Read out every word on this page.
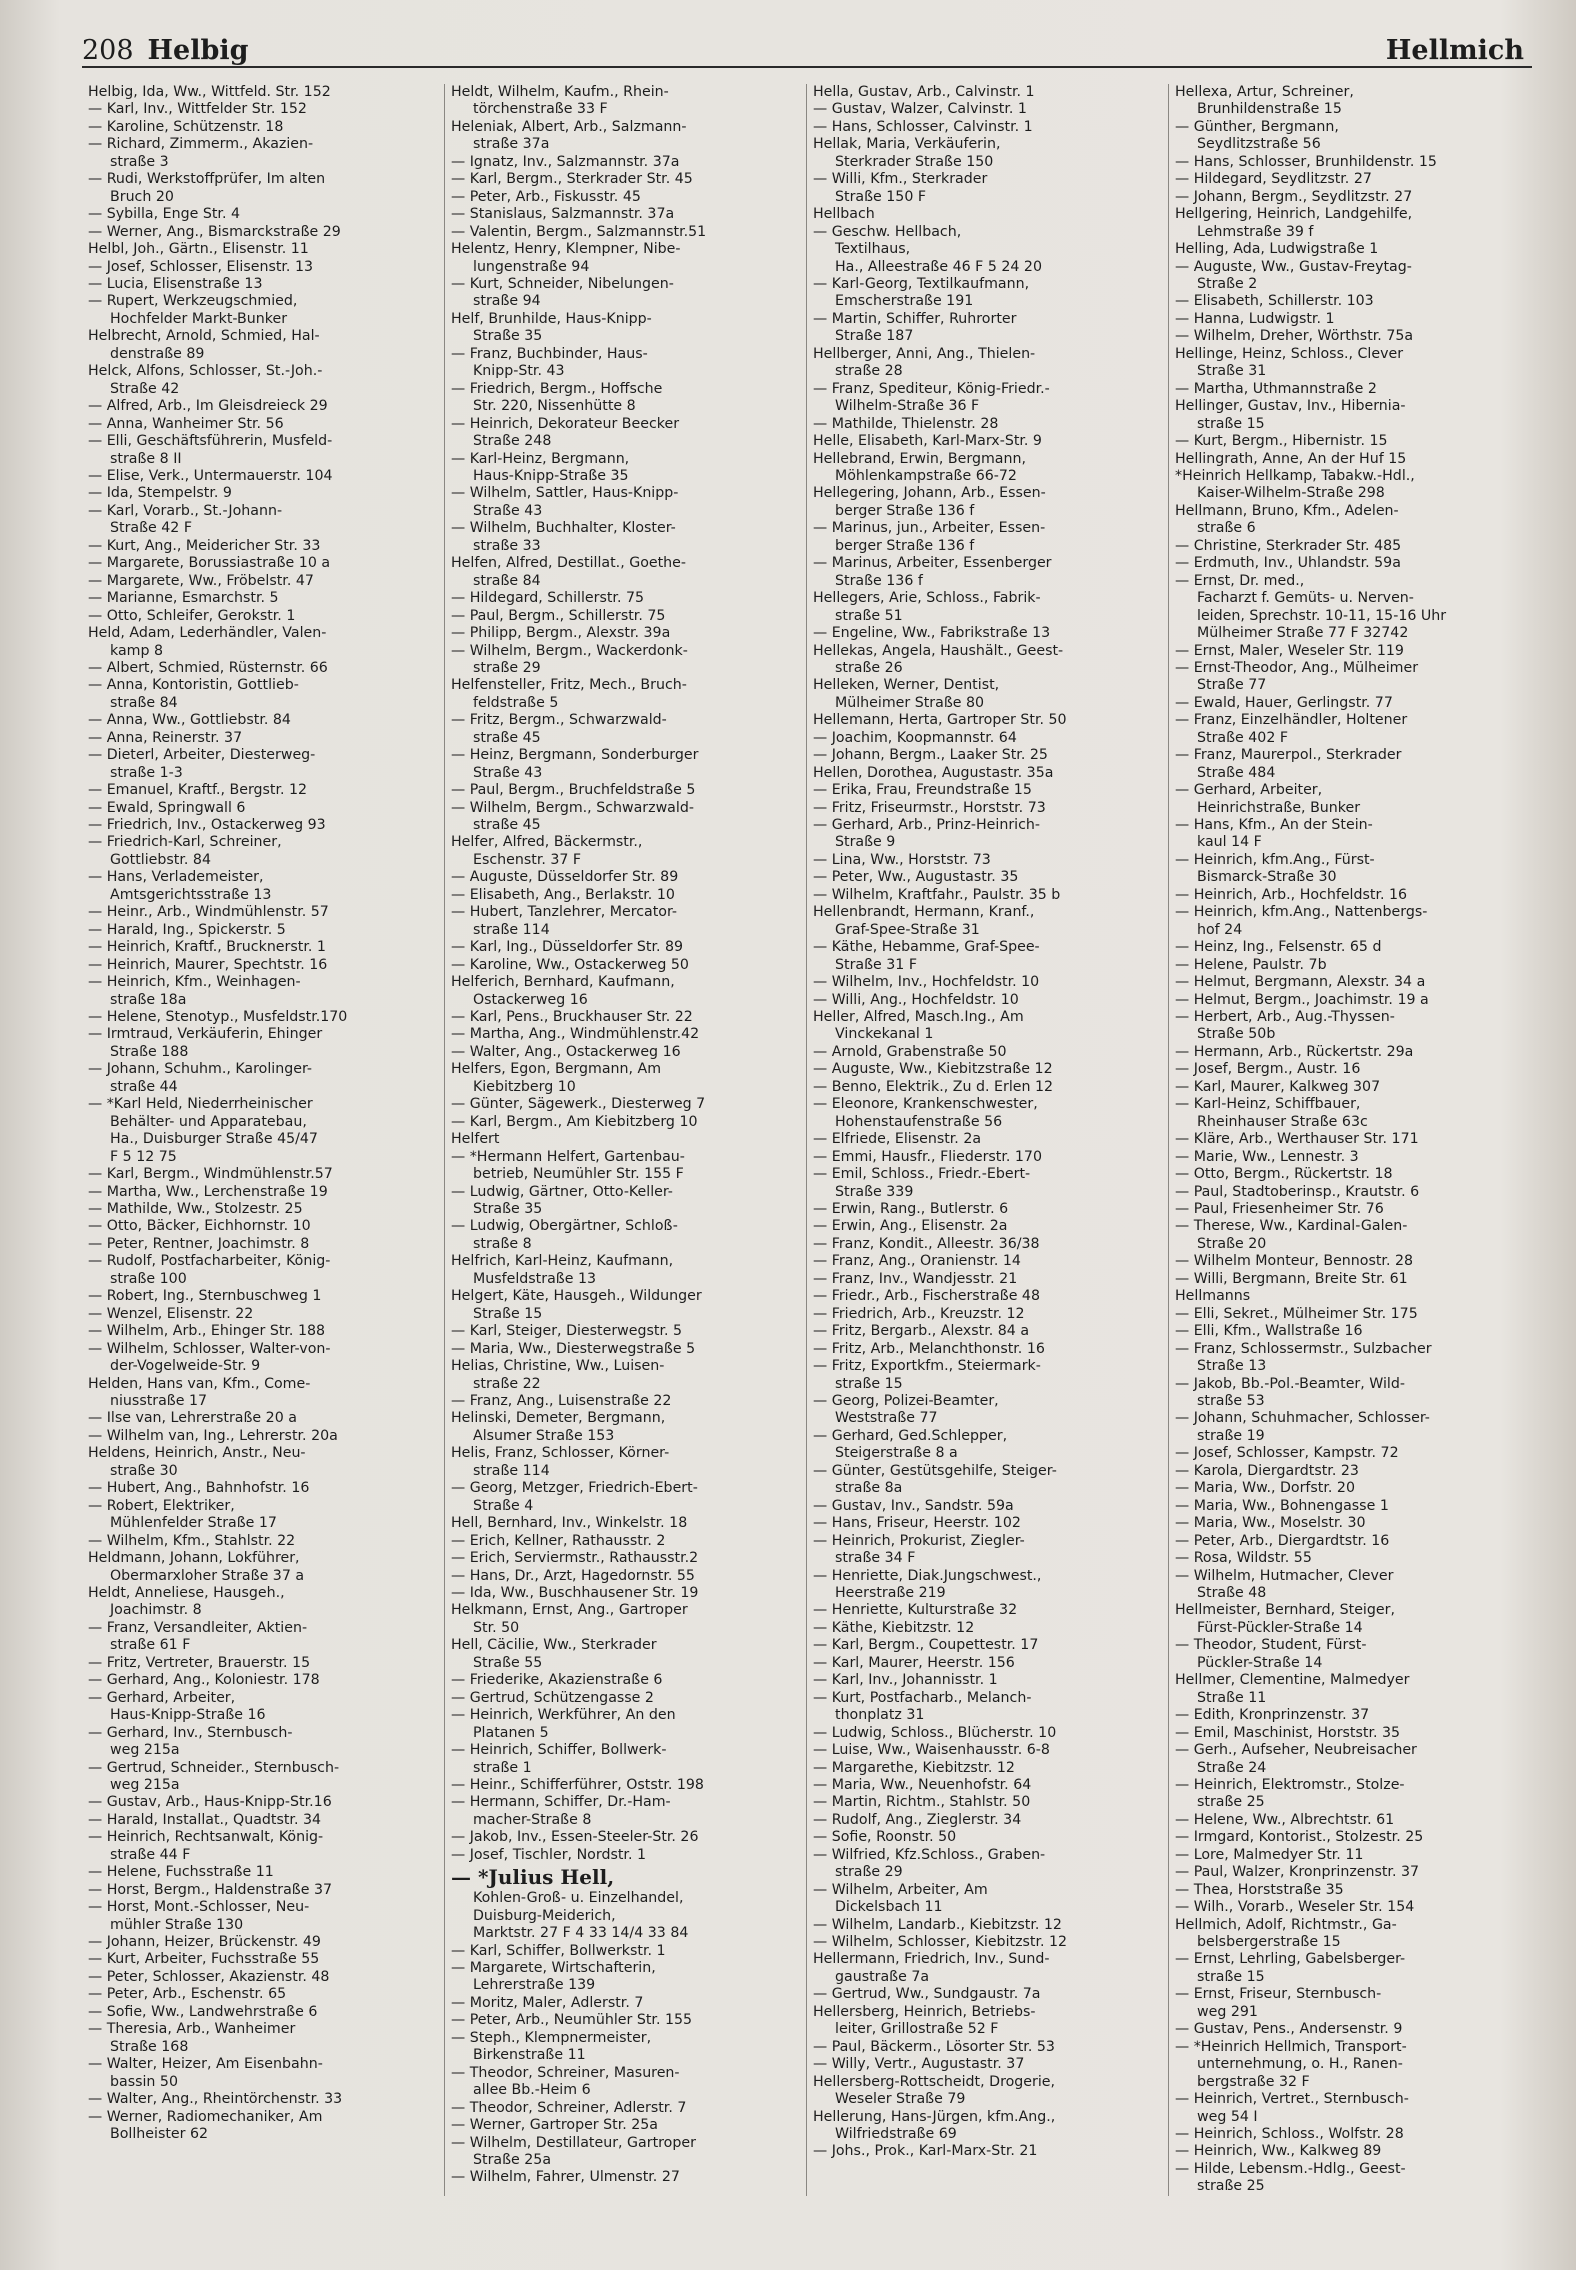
208 Helbig	Hellmich
Helbig, Ida, Ww., Wittfeld. Str. 152
— Karl, Inv., Wittfelder Str. 152
— Karoline, Schützenstr. 18
— Richard, Zimmerm., Akazien-
straße 3
— Rudi, Werkstoffprüfer, Im alten
Bruch 20
— Sybilla, Enge Str. 4
— Werner, Ang., Bismarckstraße 29
Helbl, Joh., Gärtn., Elisenstr. 11
— Josef, Schlosser, Elisenstr. 13
— Lucia, Elisenstraße 13
— Rupert, Werkzeugschmied,
Hochfelder Markt-Bunker
Helbrecht, Arnold, Schmied, Hal-
denstraße 89
Helck, Alfons, Schlosser, St.-Joh.-
Straße 42
— Alfred, Arb., Im Gleisdreieck 29
— Anna, Wanheimer Str. 56
— Elli, Geschäftsführerin, Musfeld-
straße 8 II
— Elise, Verk., Untermauerstr. 104
— Ida, Stempelstr. 9
— Karl, Vorarb., St.-Johann-
Straße 42 F
— Kurt, Ang., Meidericher Str. 33
— Margarete, Borussiastraße 10 a
— Margarete, Ww., Fröbelstr. 47
— Marianne, Esmarchstr. 5
— Otto, Schleifer, Gerokstr. 1
Held, Adam, Lederhändler, Valen-
kamp 8
— Albert, Schmied, Rüsternstr. 66
— Anna, Kontoristin, Gottlieb-
straße 84
— Anna, Ww., Gottliebstr. 84
— Anna, Reinerstr. 37
— Dieterl, Arbeiter, Diesterweg-
straße 1-3
— Emanuel, Kraftf., Bergstr. 12
— Ewald, Springwall 6
— Friedrich, Inv., Ostackerweg 93
— Friedrich-Karl, Schreiner,
Gottliebstr. 84
— Hans, Verlademeister,
Amtsgerichtsstraße 13
— Heinr., Arb., Windmühlenstr. 57
— Harald, Ing., Spickerstr. 5
— Heinrich, Kraftf., Brucknerstr. 1
— Heinrich, Maurer, Spechtstr. 16
— Heinrich, Kfm., Weinhagen-
straße 18a
— Helene, Stenotyp., Musfeldstr.170
— Irmtraud, Verkäuferin, Ehinger
Straße 188
— Johann, Schuhm., Karolinger-
straße 44
— *Karl Held, Niederrheinischer
Behälter- und Apparatebau,
Ha., Duisburger Straße 45/47
F 5 12 75
— Karl, Bergm., Windmühlenstr.57
— Martha, Ww., Lerchenstraße 19
— Mathilde, Ww., Stolzestr. 25
— Otto, Bäcker, Eichhornstr. 10
— Peter, Rentner, Joachimstr. 8
— Rudolf, Postfacharbeiter, König-
straße 100
— Robert, Ing., Sternbuschweg 1
— Wenzel, Elisenstr. 22
— Wilhelm, Arb., Ehinger Str. 188
— Wilhelm, Schlosser, Walter-von-
der-Vogelweide-Str. 9
Helden, Hans van, Kfm., Come-
niusstraße 17
— Ilse van, Lehrerstraße 20 a
— Wilhelm van, Ing., Lehrerstr. 20a
Heldens, Heinrich, Anstr., Neu-
straße 30
— Hubert, Ang., Bahnhofstr. 16
— Robert, Elektriker,
Mühlenfelder Straße 17
— Wilhelm, Kfm., Stahlstr. 22
Heldmann, Johann, Lokführer,
Obermarxloher Straße 37 a
Heldt, Anneliese, Hausgeh.,
Joachimstr. 8
— Franz, Versandleiter, Aktien-
straße 61 F
— Fritz, Vertreter, Brauerstr. 15
— Gerhard, Ang., Koloniestr. 178
— Gerhard, Arbeiter,
Haus-Knipp-Straße 16
— Gerhard, Inv., Sternbusch-
weg 215a
— Gertrud, Schneider., Sternbusch-
weg 215a
— Gustav, Arb., Haus-Knipp-Str.16
— Harald, Installat., Quadtstr. 34
— Heinrich, Rechtsanwalt, König-
straße 44 F
— Helene, Fuchsstraße 11
— Horst, Bergm., Haldenstraße 37
— Horst, Mont.-Schlosser, Neu-
mühler Straße 130
— Johann, Heizer, Brückenstr. 49
— Kurt, Arbeiter, Fuchsstraße 55
— Peter, Schlosser, Akazienstr. 48
— Peter, Arb., Eschenstr. 65
— Sofie, Ww., Landwehrstraße 6
— Theresia, Arb., Wanheimer
Straße 168
— Walter, Heizer, Am Eisenbahn-
bassin 50
— Walter, Ang., Rheintörchenstr. 33
— Werner, Radiomechaniker, Am
Bollheister 62
Heldt, Wilhelm, Kaufm., Rhein-
törchenstraße 33 F
Heleniak, Albert, Arb., Salzmann-
straße 37a
— Ignatz, Inv., Salzmannstr. 37a
— Karl, Bergm., Sterkrader Str. 45
— Peter, Arb., Fiskusstr. 45
— Stanislaus, Salzmannstr. 37a
— Valentin, Bergm., Salzmannstr.51
Helentz, Henry, Klempner, Nibe-
lungenstraße 94
— Kurt, Schneider, Nibelungen-
straße 94
Helf, Brunhilde, Haus-Knipp-
Straße 35
— Franz, Buchbinder, Haus-
Knipp-Str. 43
— Friedrich, Bergm., Hoffsche
Str. 220, Nissenhütte 8
— Heinrich, Dekorateur Beecker
Straße 248
— Karl-Heinz, Bergmann,
Haus-Knipp-Straße 35
— Wilhelm, Sattler, Haus-Knipp-
Straße 43
— Wilhelm, Buchhalter, Kloster-
straße 33
Helfen, Alfred, Destillat., Goethe-
straße 84
— Hildegard, Schillerstr. 75
— Paul, Bergm., Schillerstr. 75
— Philipp, Bergm., Alexstr. 39a
— Wilhelm, Bergm., Wackerdonk-
straße 29
Helfensteller, Fritz, Mech., Bruch-
feldstraße 5
— Fritz, Bergm., Schwarzwald-
straße 45
— Heinz, Bergmann, Sonderburger
Straße 43
— Paul, Bergm., Bruchfeldstraße 5
— Wilhelm, Bergm., Schwarzwald-
straße 45
Helfer, Alfred, Bäckermstr.,
Eschenstr. 37 F
— Auguste, Düsseldorfer Str. 89
— Elisabeth, Ang., Berlakstr. 10
— Hubert, Tanzlehrer, Mercator-
straße 114
— Karl, Ing., Düsseldorfer Str. 89
— Karoline, Ww., Ostackerweg 50
Helferich, Bernhard, Kaufmann,
Ostackerweg 16
— Karl, Pens., Bruckhauser Str. 22
— Martha, Ang., Windmühlenstr.42
— Walter, Ang., Ostackerweg 16
Helfers, Egon, Bergmann, Am
Kiebitzberg 10
— Günter, Sägewerk., Diesterweg 7
— Karl, Bergm., Am Kiebitzberg 10
Helfert
— *Hermann Helfert, Gartenbau-
betrieb, Neumühler Str. 155 F
— Ludwig, Gärtner, Otto-Keller-
Straße 35
— Ludwig, Obergärtner, Schloß-
straße 8
Helfrich, Karl-Heinz, Kaufmann,
Musfeldstraße 13
Helgert, Käte, Hausgeh., Wildunger
Straße 15
— Karl, Steiger, Diesterwegstr. 5
— Maria, Ww., Diesterwegstraße 5
Helias, Christine, Ww., Luisen-
straße 22
— Franz, Ang., Luisenstraße 22
Helinski, Demeter, Bergmann,
Alsumer Straße 153
Helis, Franz, Schlosser, Körner-
straße 114
— Georg, Metzger, Friedrich-Ebert-
Straße 4
Hell, Bernhard, Inv., Winkelstr. 18
— Erich, Kellner, Rathausstr. 2
— Erich, Serviermstr., Rathausstr.2
— Hans, Dr., Arzt, Hagedornstr. 55
— Ida, Ww., Buschhausener Str. 19
Helkmann, Ernst, Ang., Gartroper
Str. 50
Hell, Cäcilie, Ww., Sterkrader
Straße 55
— Friederike, Akazienstraße 6
— Gertrud, Schützengasse 2
— Heinrich, Werkführer, An den
Platanen 5
— Heinrich, Schiffer, Bollwerk-
straße 1
— Heinr., Schifferführer, Oststr. 198
— Hermann, Schiffer, Dr.-Ham-
macher-Straße 8
— Jakob, Inv., Essen-Steeler-Str. 26
— Josef, Tischler, Nordstr. 1
— *Julius Hell,
Kohlen-Groß- u. Einzelhandel,
Duisburg-Meiderich,
Marktstr. 27 F 4 33 14/4 33 84
— Karl, Schiffer, Bollwerkstr. 1
— Margarete, Wirtschafterin,
Lehrerstraße 139
— Moritz, Maler, Adlerstr. 7
— Peter, Arb., Neumühler Str. 155
— Steph., Klempnermeister,
Birkenstraße 11
— Theodor, Schreiner, Masuren-
allee Bb.-Heim 6
— Theodor, Schreiner, Adlerstr. 7
— Werner, Gartroper Str. 25a
— Wilhelm, Destillateur, Gartroper
Straße 25a
— Wilhelm, Fahrer, Ulmenstr. 27
Hella, Gustav, Arb., Calvinstr. 1
— Gustav, Walzer, Calvinstr. 1
— Hans, Schlosser, Calvinstr. 1
Hellak, Maria, Verkäuferin,
Sterkrader Straße 150
— Willi, Kfm., Sterkrader
Straße 150 F
Hellbach
— Geschw. Hellbach,
Textilhaus,
Ha., Alleestraße 46 F 5 24 20
— Karl-Georg, Textilkaufmann,
Emscherstraße 191
— Martin, Schiffer, Ruhrorter
Straße 187
Hellberger, Anni, Ang., Thielen-
straße 28
— Franz, Spediteur, König-Friedr.-
Wilhelm-Straße 36 F
— Mathilde, Thielenstr. 28
Helle, Elisabeth, Karl-Marx-Str. 9
Hellebrand, Erwin, Bergmann,
Möhlenkampstraße 66-72
Hellegering, Johann, Arb., Essen-
berger Straße 136 f
— Marinus, jun., Arbeiter, Essen-
berger Straße 136 f
— Marinus, Arbeiter, Essenberger
Straße 136 f
Hellegers, Arie, Schloss., Fabrik-
straße 51
— Engeline, Ww., Fabrikstraße 13
Hellekas, Angela, Haushält., Geest-
straße 26
Helleken, Werner, Dentist,
Mülheimer Straße 80
Hellemann, Herta, Gartroper Str. 50
— Joachim, Koopmannstr. 64
— Johann, Bergm., Laaker Str. 25
Hellen, Dorothea, Augustastr. 35a
— Erika, Frau, Freundstraße 15
— Fritz, Friseurmstr., Horststr. 73
— Gerhard, Arb., Prinz-Heinrich-
Straße 9
— Lina, Ww., Horststr. 73
— Peter, Ww., Augustastr. 35
— Wilhelm, Kraftfahr., Paulstr. 35 b
Hellenbrandt, Hermann, Kranf.,
Graf-Spee-Straße 31
— Käthe, Hebamme, Graf-Spee-
Straße 31 F
— Wilhelm, Inv., Hochfeldstr. 10
— Willi, Ang., Hochfeldstr. 10
Heller, Alfred, Masch.Ing., Am
Vinckekanal 1
— Arnold, Grabenstraße 50
— Auguste, Ww., Kiebitzstraße 12
— Benno, Elektrik., Zu d. Erlen 12
— Eleonore, Krankenschwester,
Hohenstaufenstraße 56
— Elfriede, Elisenstr. 2a
— Emmi, Hausfr., Fliederstr. 170
— Emil, Schloss., Friedr.-Ebert-
Straße 339
— Erwin, Rang., Butlerstr. 6
— Erwin, Ang., Elisenstr. 2a
— Franz, Kondit., Alleestr. 36/38
— Franz, Ang., Oranienstr. 14
— Franz, Inv., Wandjesstr. 21
— Friedr., Arb., Fischerstraße 48
— Friedrich, Arb., Kreuzstr. 12
— Fritz, Bergarb., Alexstr. 84 a
— Fritz, Arb., Melanchthonstr. 16
— Fritz, Exportkfm., Steiermark-
straße 15
— Georg, Polizei-Beamter,
Weststraße 77
— Gerhard, Ged.Schlepper,
Steigerstraße 8 a
— Günter, Gestütsgehilfe, Steiger-
straße 8a
— Gustav, Inv., Sandstr. 59a
— Hans, Friseur, Heerstr. 102
— Heinrich, Prokurist, Ziegler-
straße 34 F
— Henriette, Diak.Jungschwest.,
Heerstraße 219
— Henriette, Kulturstraße 32
— Käthe, Kiebitzstr. 12
— Karl, Bergm., Coupettestr. 17
— Karl, Maurer, Heerstr. 156
— Karl, Inv., Johannisstr. 1
— Kurt, Postfacharb., Melanch-
thonplatz 31
— Ludwig, Schloss., Blücherstr. 10
— Luise, Ww., Waisenhausstr. 6-8
— Margarethe, Kiebitzstr. 12
— Maria, Ww., Neuenhofstr. 64
— Martin, Richtm., Stahlstr. 50
— Rudolf, Ang., Zieglerstr. 34
— Sofie, Roonstr. 50
— Wilfried, Kfz.Schloss., Graben-
straße 29
— Wilhelm, Arbeiter, Am
Dickelsbach 11
— Wilhelm, Landarb., Kiebitzstr. 12
— Wilhelm, Schlosser, Kiebitzstr. 12
Hellermann, Friedrich, Inv., Sund-
gaustraße 7a
— Gertrud, Ww., Sundgaustr. 7a
Hellersberg, Heinrich, Betriebs-
leiter, Grillostraße 52 F
— Paul, Bäckerm., Lösorter Str. 53
— Willy, Vertr., Augustastr. 37
Hellersberg-Rottscheidt, Drogerie,
Weseler Straße 79
Hellerung, Hans-Jürgen, kfm.Ang.,
Wilfriedstraße 69
— Johs., Prok., Karl-Marx-Str. 21
Hellexa, Artur, Schreiner,
Brunhildenstraße 15
— Günther, Bergmann,
Seydlitzstraße 56
— Hans, Schlosser, Brunhildenstr. 15
— Hildegard, Seydlitzstr. 27
— Johann, Bergm., Seydlitzstr. 27
Hellgering, Heinrich, Landgehilfe,
Lehmstraße 39 f
Helling, Ada, Ludwigstraße 1
— Auguste, Ww., Gustav-Freytag-
Straße 2
— Elisabeth, Schillerstr. 103
— Hanna, Ludwigstr. 1
— Wilhelm, Dreher, Wörthstr. 75a
Hellinge, Heinz, Schloss., Clever
Straße 31
— Martha, Uthmannstraße 2
Hellinger, Gustav, Inv., Hibernia-
straße 15
— Kurt, Bergm., Hibernistr. 15
Hellingrath, Anne, An der Huf 15
*Heinrich Hellkamp, Tabakw.-Hdl.,
Kaiser-Wilhelm-Straße 298
Hellmann, Bruno, Kfm., Adelen-
straße 6
— Christine, Sterkrader Str. 485
— Erdmuth, Inv., Uhlandstr. 59a
— Ernst, Dr. med.,
Facharzt f. Gemüts- u. Nerven-
leiden, Sprechstr. 10-11, 15-16 Uhr
Mülheimer Straße 77 F 32742
— Ernst, Maler, Weseler Str. 119
— Ernst-Theodor, Ang., Mülheimer
Straße 77
— Ewald, Hauer, Gerlingstr. 77
— Franz, Einzelhändler, Holtener
Straße 402 F
— Franz, Maurerpol., Sterkrader
Straße 484
— Gerhard, Arbeiter,
Heinrichstraße, Bunker
— Hans, Kfm., An der Stein-
kaul 14 F
— Heinrich, kfm.Ang., Fürst-
Bismarck-Straße 30
— Heinrich, Arb., Hochfeldstr. 16
— Heinrich, kfm.Ang., Nattenbergs-
hof 24
— Heinz, Ing., Felsenstr. 65 d
— Helene, Paulstr. 7b
— Helmut, Bergmann, Alexstr. 34 a
— Helmut, Bergm., Joachimstr. 19 a
— Herbert, Arb., Aug.-Thyssen-
Straße 50b
— Hermann, Arb., Rückertstr. 29a
— Josef, Bergm., Austr. 16
— Karl, Maurer, Kalkweg 307
— Karl-Heinz, Schiffbauer,
Rheinhauser Straße 63c
— Kläre, Arb., Werthauser Str. 171
— Marie, Ww., Lennestr. 3
— Otto, Bergm., Rückertstr. 18
— Paul, Stadtoberinsp., Krautstr. 6
— Paul, Friesenheimer Str. 76
— Therese, Ww., Kardinal-Galen-
Straße 20
— Wilhelm Monteur, Bennostr. 28
— Willi, Bergmann, Breite Str. 61
Hellmanns
— Elli, Sekret., Mülheimer Str. 175
— Elli, Kfm., Wallstraße 16
— Franz, Schlossermstr., Sulzbacher
Straße 13
— Jakob, Bb.-Pol.-Beamter, Wild-
straße 53
— Johann, Schuhmacher, Schlosser-
straße 19
— Josef, Schlosser, Kampstr. 72
— Karola, Diergardtstr. 23
— Maria, Ww., Dorfstr. 20
— Maria, Ww., Bohnengasse 1
— Maria, Ww., Moselstr. 30
— Peter, Arb., Diergardtstr. 16
— Rosa, Wildstr. 55
— Wilhelm, Hutmacher, Clever
Straße 48
Hellmeister, Bernhard, Steiger,
Fürst-Pückler-Straße 14
— Theodor, Student, Fürst-
Pückler-Straße 14
Hellmer, Clementine, Malmedyer
Straße 11
— Edith, Kronprinzenstr. 37
— Emil, Maschinist, Horststr. 35
— Gerh., Aufseher, Neubreisacher
Straße 24
— Heinrich, Elektromstr., Stolze-
straße 25
— Helene, Ww., Albrechtstr. 61
— Irmgard, Kontorist., Stolzestr. 25
— Lore, Malmedyer Str. 11
— Paul, Walzer, Kronprinzenstr. 37
— Thea, Horststraße 35
— Wilh., Vorarb., Weseler Str. 154
Hellmich, Adolf, Richtmstr., Ga-
belsbergerstraße 15
— Ernst, Lehrling, Gabelsberger-
straße 15
— Ernst, Friseur, Sternbusch-
weg 291
— Gustav, Pens., Andersenstr. 9
— *Heinrich Hellmich, Transport-
unternehmung, o. H., Ranen-
bergstraße 32 F
— Heinrich, Vertret., Sternbusch-
weg 54 I
— Heinrich, Schloss., Wolfstr. 28
— Heinrich, Ww., Kalkweg 89
— Hilde, Lebensm.-Hdlg., Geest-
straße 25
